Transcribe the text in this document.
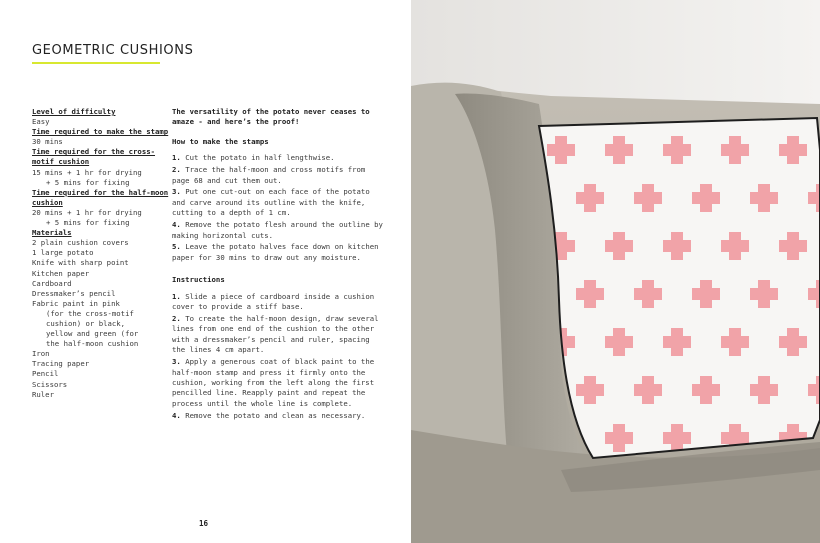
GEOMETRIC CUSHIONS
Level of difficulty
Easy
Time required to make the stamp
30 mins
Time required for the cross-motif cushion
15 mins + 1 hr for drying
+ 5 mins for fixing
Time required for the half-moon cushion
20 mins + 1 hr for drying
+ 5 mins for fixing
Materials
2 plain cushion covers
1 large potato
Knife with sharp point
Kitchen paper
Cardboard
Dressmaker’s pencil
Fabric paint in pink
(for the cross-motif
cushion) or black,
yellow and green (for
the half-moon cushion
Iron
Tracing paper
Pencil
Scissors
Ruler
The versatility of the potato never ceases to amaze - and here’s the proof!
How to make the stamps
1. Cut the potato in half lengthwise.
2. Trace the half-moon and cross motifs from page 68 and cut them out.
3. Put one cut-out on each face of the potato and carve around its outline with the knife, cutting to a depth of 1 cm.
4. Remove the potato flesh around the outline by making horizontal cuts.
5. Leave the potato halves face down on kitchen paper for 30 mins to draw out any moisture.
Instructions
1. Slide a piece of cardboard inside a cushion cover to provide a stiff base.
2. To create the half-moon design, draw several lines from one end of the cushion to the other with a dressmaker’s pencil and ruler, spacing the lines 4 cm apart.
3. Apply a generous coat of black paint to the half-moon stamp and press it firmly onto the cushion, working from the left along the first pencilled line. Reapply paint and repeat the process until the whole line is complete.
4. Remove the potato and clean as necessary.
16
